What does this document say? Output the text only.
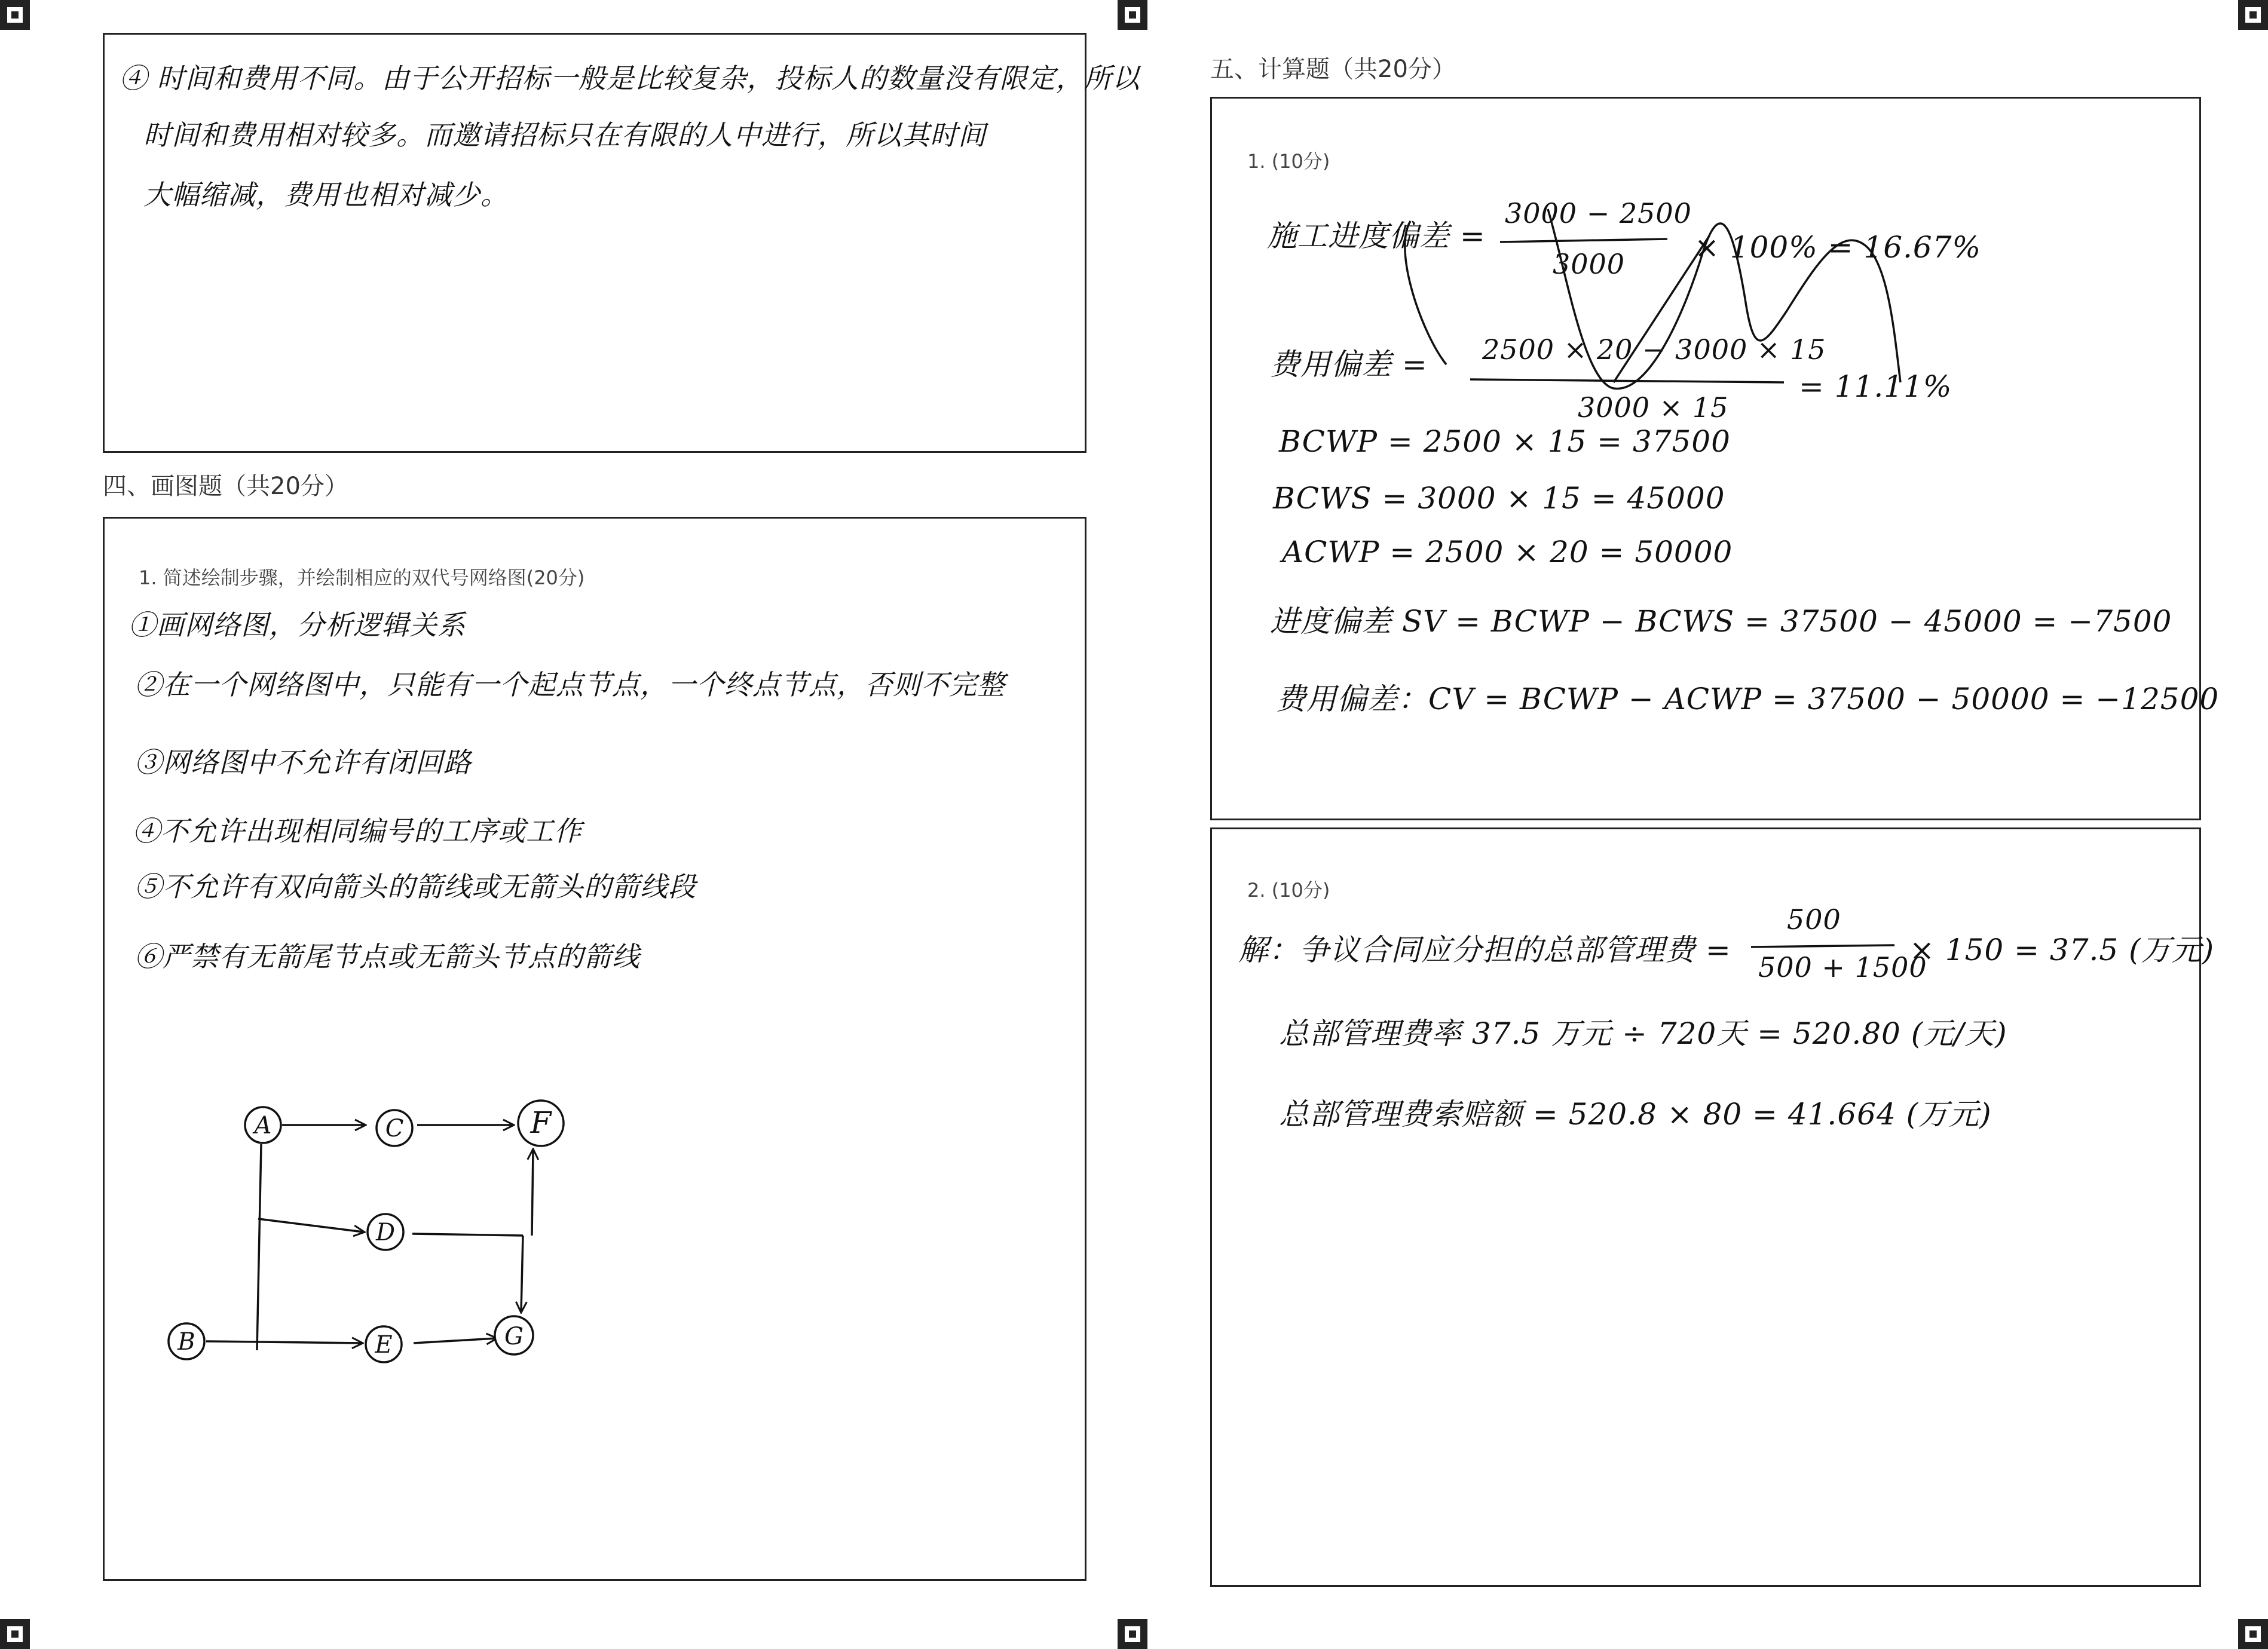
④ 时间和费用不同。由于公开招标一般是比较复杂，投标人的数量没有限定，所以
时间和费用相对较多。而邀请招标只在有限的人中进行，所以其时间
大幅缩减，费用也相对减少。
四、画图题（共20分）
1. 简述绘制步骤，并绘制相应的双代号网络图(20分)
①画网络图，分析逻辑关系
②在一个网络图中，只能有一个起点节点，一个终点节点，否则不完整
③网络图中不允许有闭回路
④不允许出现相同编号的工序或工作
⑤不允许有双向箭头的箭线或无箭头的箭线段
⑥严禁有无箭尾节点或无箭头节点的箭线
A	C	F
D
B	E	G
五、计算题（共20分）
1. (10分)
施工进度偏差 =
3000 − 2500
3000 × 100% = 16.67%
费用偏差 = 2500 × 20 − 3000 × 15
3000 × 15
= 11.11%
BCWP = 2500 × 15 = 37500
BCWS = 3000 × 15 = 45000
ACWP = 2500 × 20 = 50000
进度偏差 SV = BCWP − BCWS = 37500 − 45000 = −7500
费用偏差：CV = BCWP − ACWP = 37500 − 50000 = −12500
2. (10分)
解：争议合同应分担的总部管理费 =
500
500 + 1500
× 150 = 37.5 (万元)
总部管理费率 37.5 万元 ÷ 720天 = 520.80 (元/天)
总部管理费索赔额 = 520.8 × 80 = 41.664 (万元)
